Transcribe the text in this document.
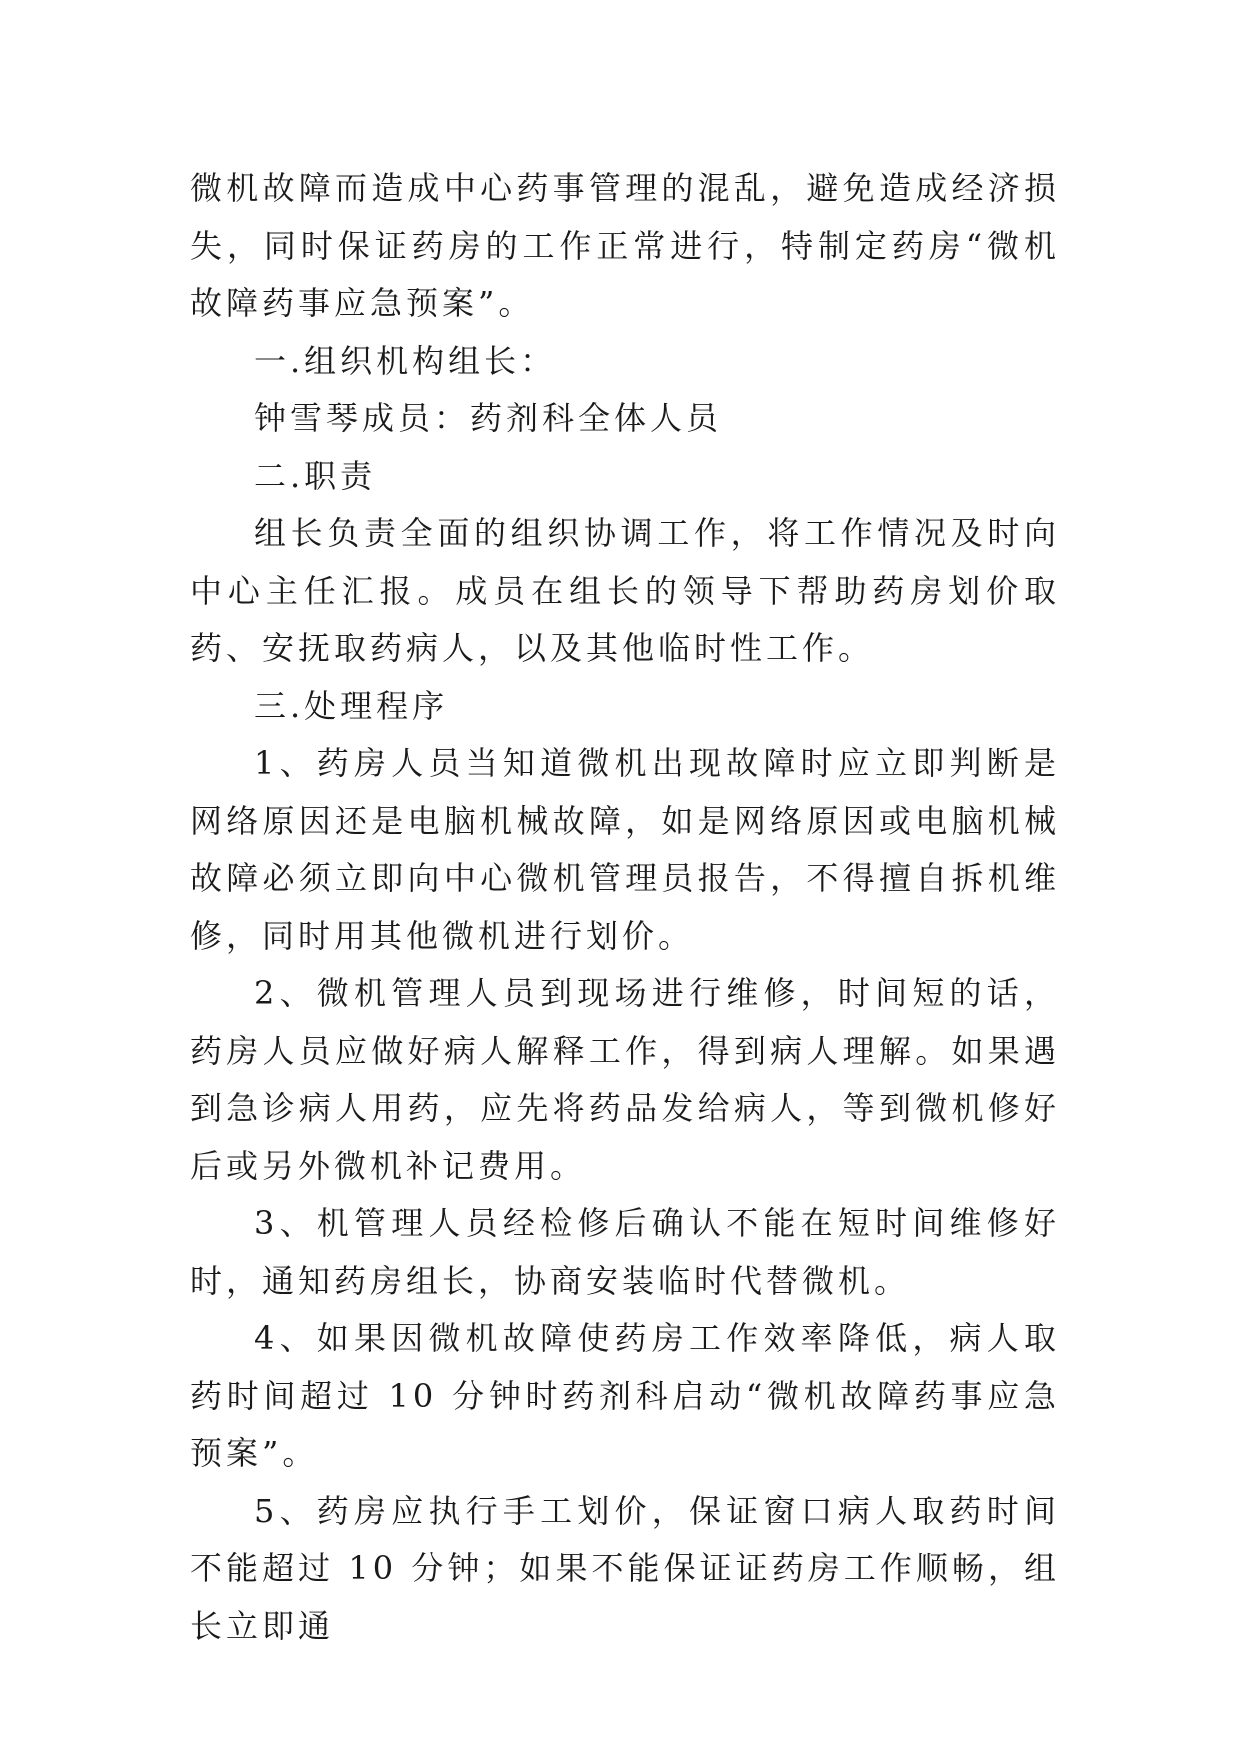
微机故障而造成中心药事管理的混乱，避免造成经济损失，同时保证药房的工作正常进行，特制定药房“微机故障药事应急预案”。

一.组织机构组长：

钟雪琴成员：药剂科全体人员

二.职责

组长负责全面的组织协调工作，将工作情况及时向中心主任汇报。成员在组长的领导下帮助药房划价取药、安抚取药病人，以及其他临时性工作。

三.处理程序

1、药房人员当知道微机出现故障时应立即判断是网络原因还是电脑机械故障，如是网络原因或电脑机械故障必须立即向中心微机管理员报告，不得擅自拆机维修，同时用其他微机进行划价。

2、微机管理人员到现场进行维修，时间短的话，药房人员应做好病人解释工作，得到病人理解。如果遇到急诊病人用药，应先将药品发给病人，等到微机修好后或另外微机补记费用。

3、机管理人员经检修后确认不能在短时间维修好时，通知药房组长，协商安装临时代替微机。

4、如果因微机故障使药房工作效率降低，病人取药时间超过 10 分钟时药剂科启动“微机故障药事应急预案”。

5、药房应执行手工划价，保证窗口病人取药时间不能超过 10 分钟；如果不能保证证药房工作顺畅，组长立即通
